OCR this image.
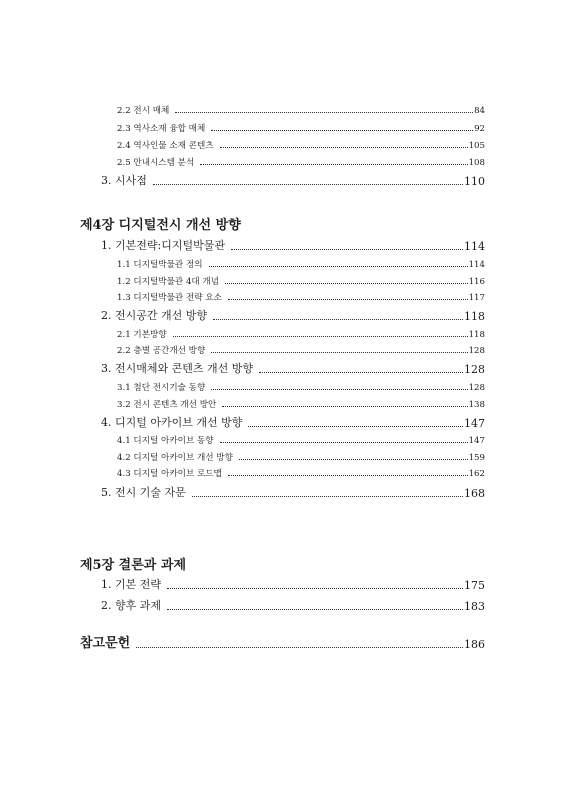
2.2 전시 매체	84
2.3 역사소재 융합 매체	92
2.4 역사인물 소재 콘텐츠	105
2.5 안내시스템 분석	108
3. 시사점	110
제4장 디지털전시 개선 방향
1. 기본전략:디지털박물관	114
1.1 디지털박물관 정의	114
1.2 디지털박물관 4대 개념	116
1.3 디지털박물관 전략 요소	117
2. 전시공간 개선 방향	118
2.1 기본방향	118
2.2 층별 공간개선 방향	128
3. 전시매체와 콘텐츠 개선 방향	128
3.1 첨단 전시기술 동향	128
3.2 전시 콘텐츠 개선 방안	138
4. 디지털 아카이브 개선 방향	147
4.1 디지털 아카이브 동향	147
4.2 디지털 아카이브 개선 방향	159
4.3 디지털 아카이브 로드맵	162
5. 전시 기술 자문	168
제5장 결론과 과제
1. 기본 전략	175
2. 향후 과제	183
참고문헌	186
